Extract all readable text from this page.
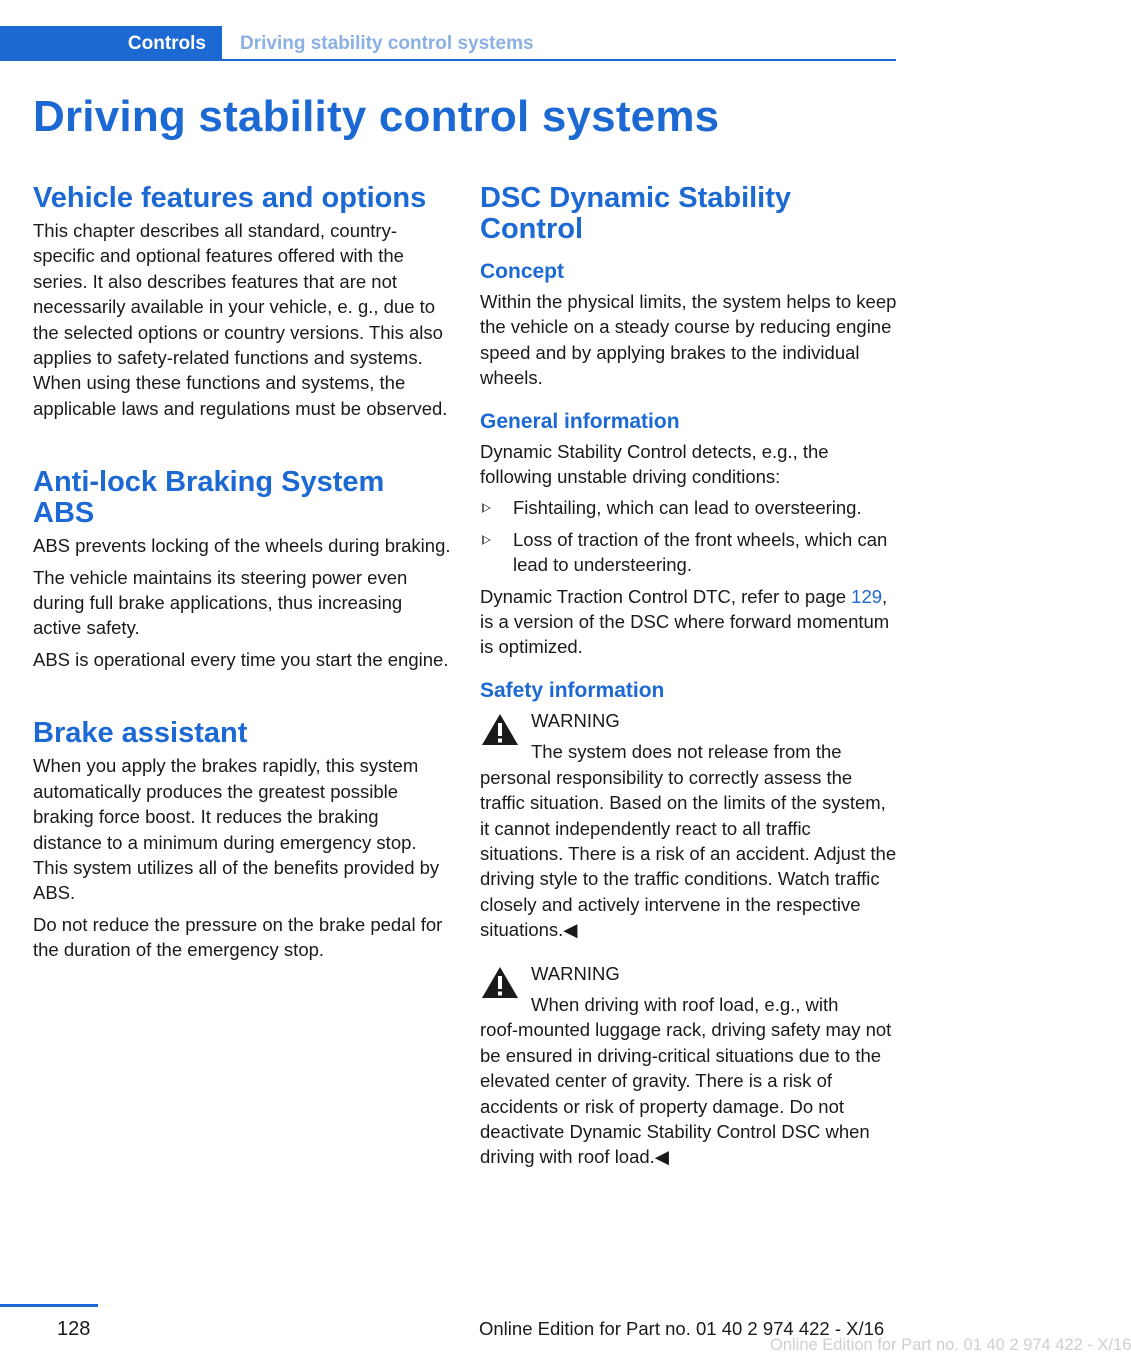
Controls Driving stability control systems
Driving stability control systems
Vehicle features and options

This chapter describes all standard, country-specific and optional features offered with the series. It also describes features that are not necessarily available in your vehicle, e. g., due to the selected options or country versions. This also applies to safety-related functions and systems. When using these functions and systems, the applicable laws and regulations must be observed.

Anti-lock Braking System ABS

ABS prevents locking of the wheels during braking.

The vehicle maintains its steering power even during full brake applications, thus increasing active safety.

ABS is operational every time you start the engine.

Brake assistant

When you apply the brakes rapidly, this system automatically produces the greatest possible braking force boost. It reduces the braking distance to a minimum during emergency stop. This system utilizes all of the benefits provided by ABS.

Do not reduce the pressure on the brake pedal for the duration of the emergency stop.

DSC Dynamic Stability Control
Concept

Within the physical limits, the system helps to keep the vehicle on a steady course by reducing engine speed and by applying brakes to the individual wheels.

General information

Dynamic Stability Control detects, e.g., the following unstable driving conditions:

Fishtailing, which can lead to oversteering.
Loss of traction of the front wheels, which can lead to understeering.

Dynamic Traction Control DTC, refer to page 129, is a version of the DSC where forward momentum is optimized.

Safety information
WARNING
The system does not release from the

personal responsibility to correctly assess the traffic situation. Based on the limits of the system, it cannot independently react to all traffic situations. There is a risk of an accident. Adjust the driving style to the traffic conditions. Watch traffic closely and actively intervene in the respective situations.◀

WARNING
When driving with roof load, e.g., with

roof-mounted luggage rack, driving safety may not be ensured in driving-critical situations due to the elevated center of gravity. There is a risk of accidents or risk of property damage. Do not deactivate Dynamic Stability Control DSC when driving with roof load.◀

128	Online Edition for Part no. 01 40 2 974 422 - X/16
Online Edition for Part no. 01 40 2 974 422 - X/16
